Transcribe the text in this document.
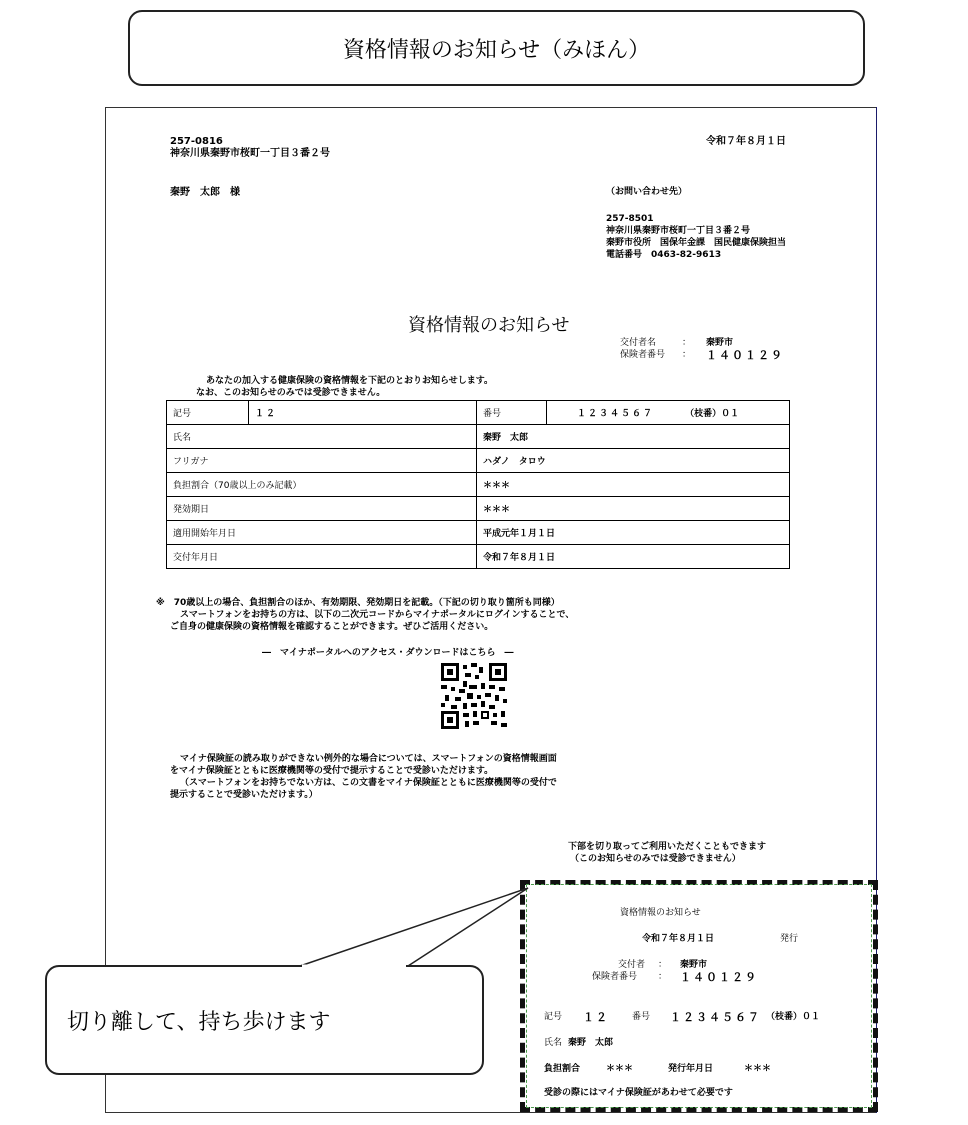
資格情報のお知らせ（みほん）
257-0816
神奈川県秦野市桜町一丁目３番２号
秦野　太郎　様
令和７年８月１日
（お問い合わせ先）
257-8501
神奈川県秦野市桜町一丁目３番２号
秦野市役所　国保年金課　国民健康保険担当
電話番号　0463-82-9613
資格情報のお知らせ
交付者名	： 秦野市
保険者番号 ： １４０１２９
あなたの加入する健康保険の資格情報を下記のとおりお知らせします。
なお、このお知らせのみでは受診できません。
記号	１２	番号	１２３４５６７ （枝番）０１
氏名		秦野　太郎	
フリガナ		ハダノ　タロウ	
負担割合（70歳以上のみ記載）		＊＊＊	
発効期日		＊＊＊	
適用開始年月日		平成元年１月１日	
交付年月日		令和７年８月１日	
※　70歳以上の場合、負担割合のほか、有効期限、発効期日を記載。（下記の切り取り箇所も同様）
スマートフォンをお持ちの方は、以下の二次元コードからマイナポータルにログインすることで、
ご自身の健康保険の資格情報を確認することができます。ぜひご活用ください。
―　マイナポータルへのアクセス・ダウンロードはこちら　―
マイナ保険証の読み取りができない例外的な場合については、スマートフォンの資格情報画面
をマイナ保険証とともに医療機関等の受付で提示することで受診いただけます。
（スマートフォンをお持ちでない方は、この文書をマイナ保険証とともに医療機関等の受付で
提示することで受診いただけます。）
下部を切り取ってご利用いただくこともできます
（このお知らせのみでは受診できません）
資格情報のお知らせ
令和７年８月１日	発行
交付者 ： 秦野市
保険者番号 ： １４０１２９
記号 １２	番号 １２３４５６７ （枝番）０１
氏名 秦野　太郎
負担割合	＊＊＊	発行年月日	＊＊＊
受診の際にはマイナ保険証があわせて必要です
切り離して、持ち歩けます
